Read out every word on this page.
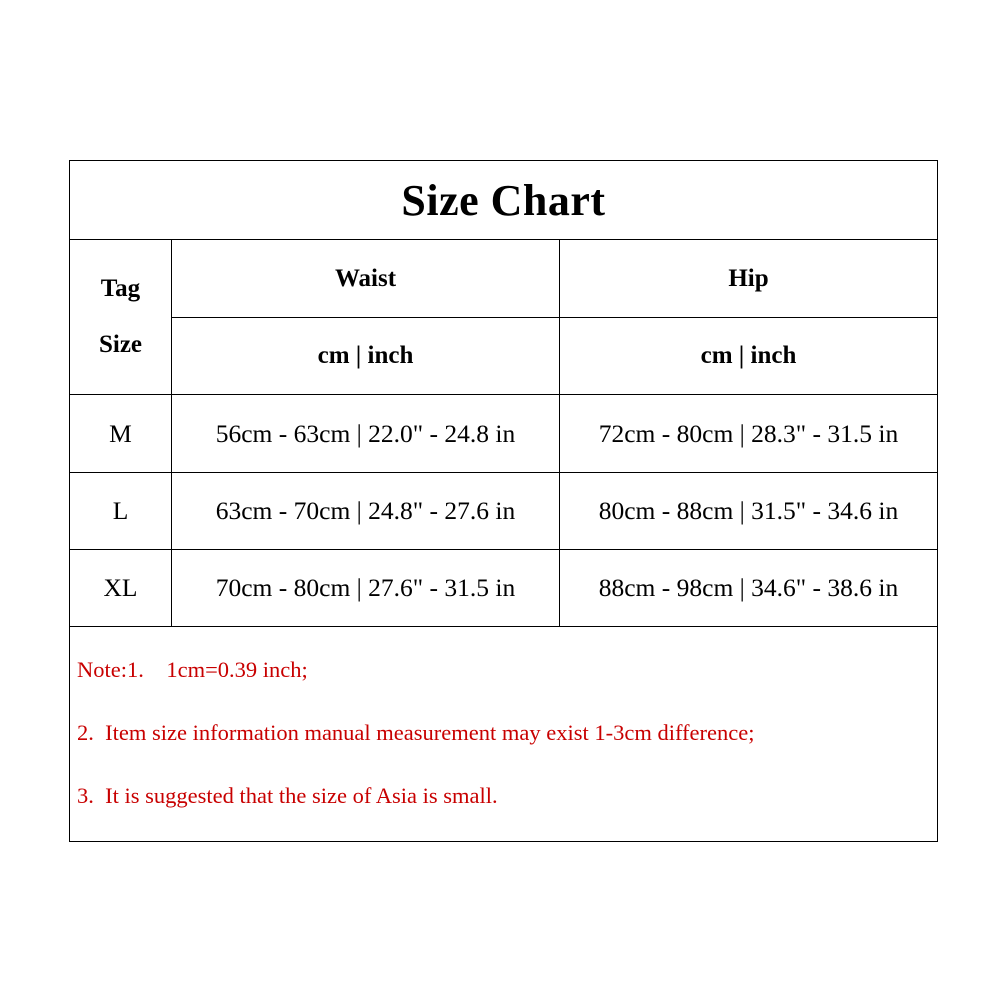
Size Chart
Tag
Size
Waist	Hip
cm | inch	cm | inch
M	56cm - 63cm | 22.0" - 24.8 in	72cm - 80cm | 28.3" - 31.5 in
L	63cm - 70cm | 24.8" - 27.6 in	80cm - 88cm | 31.5" - 34.6 in
XL	70cm - 80cm | 27.6" - 31.5 in	88cm - 98cm | 34.6" - 38.6 in
Note:1.    1cm=0.39 inch;
2.  Item size information manual measurement may exist 1-3cm difference;
3.  It is suggested that the size of Asia is small.
